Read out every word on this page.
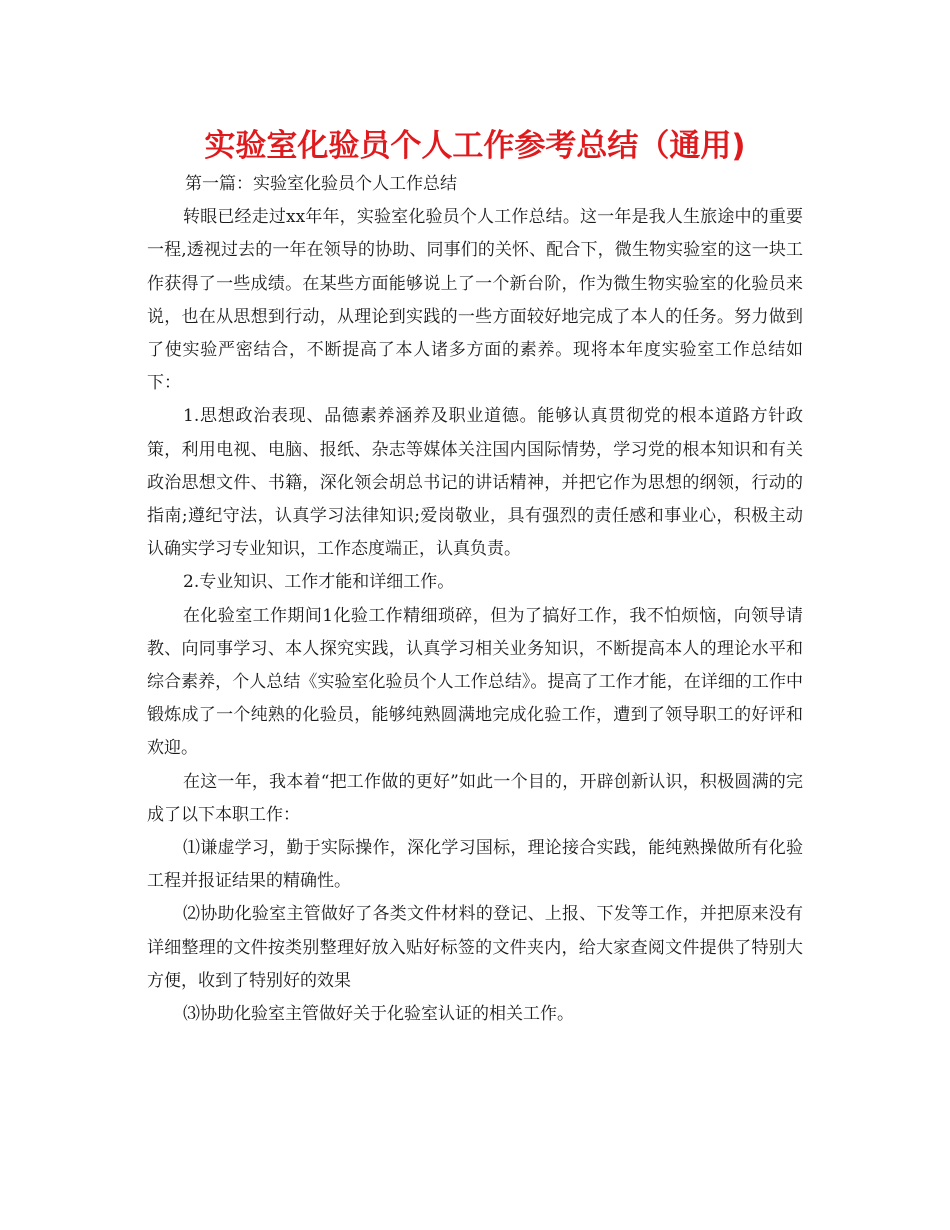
实验室化验员个人工作参考总结（通用)

第一篇：实验室化验员个人工作总结

转眼已经走过xx年年，实验室化验员个人工作总结。这一年是我人生旅途中的重要一程,透视过去的一年在领导的协助、同事们的关怀、配合下，微生物实验室的这一块工作获得了一些成绩。在某些方面能够说上了一个新台阶，作为微生物实验室的化验员来说，也在从思想到行动，从理论到实践的一些方面较好地完成了本人的任务。努力做到了使实验严密结合，不断提高了本人诸多方面的素养。现将本年度实验室工作总结如下：

1.思想政治表现、品德素养涵养及职业道德。能够认真贯彻党的根本道路方针政策，利用电视、电脑、报纸、杂志等媒体关注国内国际情势，学习党的根本知识和有关政治思想文件、书籍，深化领会胡总书记的讲话精神，并把它作为思想的纲领，行动的指南;遵纪守法，认真学习法律知识;爱岗敬业，具有强烈的责任感和事业心，积极主动认确实学习专业知识，工作态度端正，认真负责。

2.专业知识、工作才能和详细工作。

在化验室工作期间1化验工作精细琐碎，但为了搞好工作，我不怕烦恼，向领导请教、向同事学习、本人探究实践，认真学习相关业务知识，不断提高本人的理论水平和综合素养，个人总结《实验室化验员个人工作总结》。提高了工作才能，在详细的工作中锻炼成了一个纯熟的化验员，能够纯熟圆满地完成化验工作，遭到了领导职工的好评和欢迎。

在这一年，我本着“把工作做的更好”如此一个目的，开辟创新认识，积极圆满的完成了以下本职工作：

⑴谦虚学习，勤于实际操作，深化学习国标，理论接合实践，能纯熟操做所有化验工程并报证结果的精确性。

⑵协助化验室主管做好了各类文件材料的登记、上报、下发等工作，并把原来没有详细整理的文件按类别整理好放入贴好标签的文件夹内，给大家查阅文件提供了特别大方便，收到了特别好的效果

⑶协助化验室主管做好关于化验室认证的相关工作。
